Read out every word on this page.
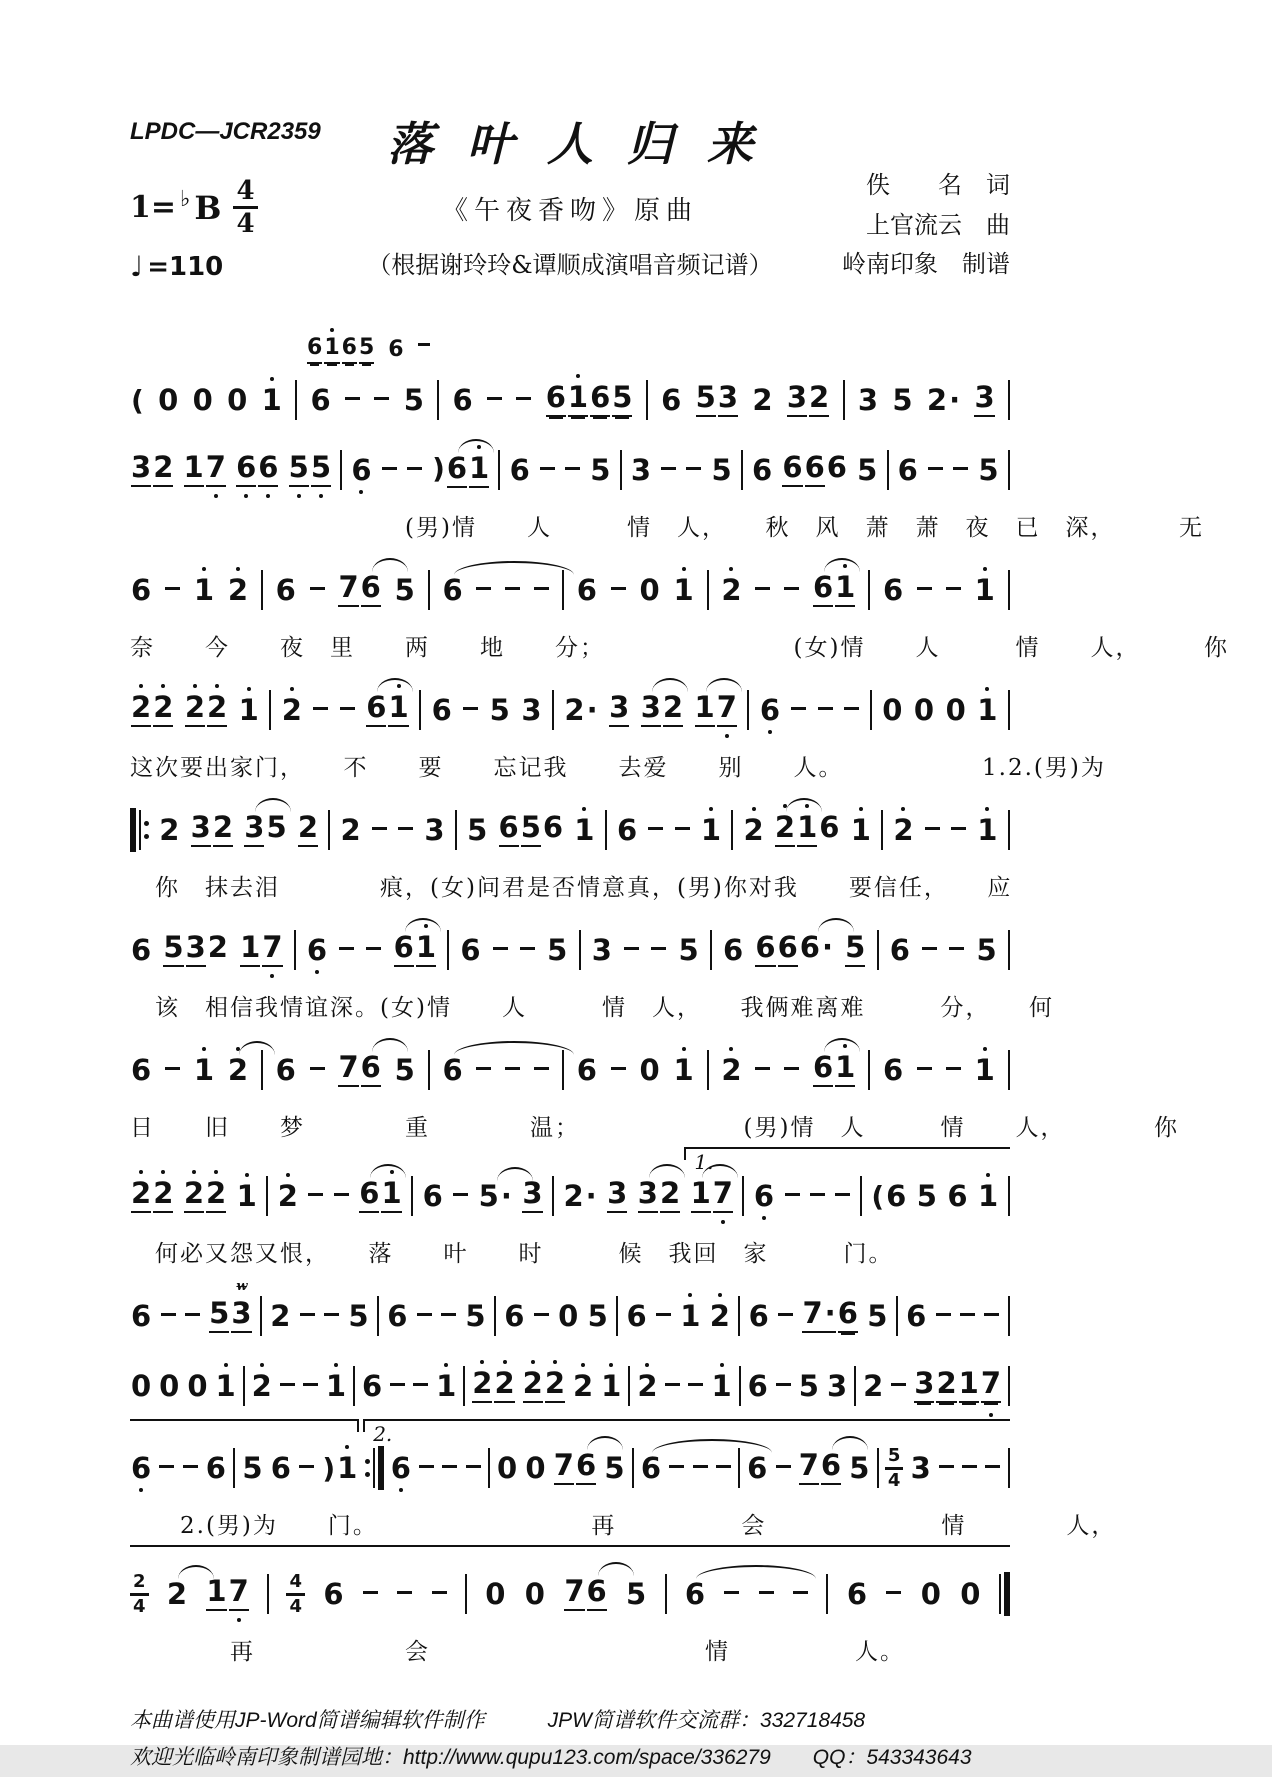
LPDC—JCR2359
1= ♭ B $\frac{4}{4}$
♩ =110
落叶人归来
《午夜香吻》原曲
（根据谢玲玲&谭顺成演唱音频记谱）
佚　　名　词
上官流云　曲
岭南印象　制谱
6 1 6 5 6
( 0 0 0 1 6	5 6	6 1 6 5 6 5 3 2 3 2 3 5 2· 3
3 2 1 7 6 6 5 5 6 ) 6 1 6 5 3 5 6 6 6 6 5 6 5
　　　　　　　　　　　(男)情　　人　　　情　人，　　秋　风　萧　萧　夜　已　深，　　　无
6 1 2 6 7 6 5 6	6 0 1 2 6 1 6 1
奈　　今　　夜　里　　两　　地　　分；　　　　　　　　(女)情　　人　　　情　　人，　　　你
2 2 2 2 1 2 6 1 6 5 3 2· 3 3 2 1 7 6	0 0 0 1
这次要出家门，　　不　　要　　忘记我　　去爱　　别　　人。　　　　　　1.2.(男)为
2 3 2 3 5 2 2 3 5 6 5 6 1 6 1 2 2 1 6 1 2 1
　你　抹去泪　　　　痕，(女)问君是否情意真，(男)你对我　　要信任，　　应
6 5 3 2 1 7 6 6 1 6 5 3 5 6 6 6 6· 5 6 5
　该　相信我情谊深。(女)情　　人　　　情　人，　　我俩难离难　　　分，　　何
6 1 2 6 7 6 5 6	6 0 1 2 6 1 6 1
日　　旧　　梦　　　　重　　　　温；　　　　　　　(男)情　人　　　情　　人，　　　　你
1.
2 2 2 2 1 2 6 1 6 5· 3 2· 3 3 2 1 7 6	( 6 5 6 1
　何必又怨又恨，　　落　　叶　　时　　　候　我回　家　　　门。
6 5 3
w
2 5 6 5 6 0 5 6 1 2 6 7· 6 5 6
0 0 0 1 2 1 6 1 2 2 2 2 2 1 2 1 6 5 3 2 3 2 1 7
2.
6 6 5 6 ) 1 6	0 0 7 6 5 6	6 7 6 $5 \frac{5}{4} 3$
　　2.(男)为　　门。　　　　　　　　　再　　　　　会　　　　　　　情　　　　人，
$\frac{2}{4} 2$ 1 $7 \frac{4}{4} 6$	0 0 7 6 5 6	6 0 0
　　　　再　　　　　　会　　　　　　　　　　　情　　　　　人。
本曲谱使用JP-Word简谱编辑软件制作　　　JPW简谱软件交流群：332718458
欢迎光临岭南印象制谱园地：http://www.qupu123.com/space/336279　　QQ：543343643
